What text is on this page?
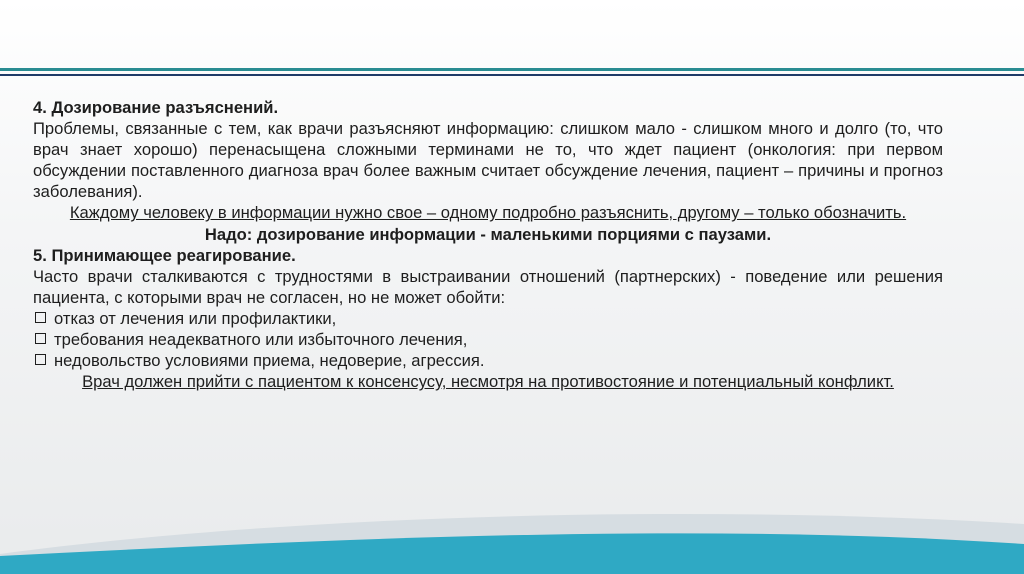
4. Дозирование разъяснений.

Проблемы, связанные с тем, как врачи разъясняют информацию: слишком мало - слишком много и долго (то, что врач знает хорошо) перенасыщена сложными терминами не то, что ждет пациент (онкология: при первом обсуждении поставленного диагноза врач более важным считает обсуждение лечения, пациент – причины и прогноз заболевания).

Каждому человеку в информации нужно свое – одному подробно разъяснить, другому – только обозначить.

Надо: дозирование информации - маленькими порциями с паузами.

5. Принимающее реагирование.

Часто врачи сталкиваются с трудностями в выстраивании отношений (партнерских) - поведение или решения пациента, с которыми врач не согласен, но не может обойти:

отказ от лечения или профилактики,
требования неадекватного или избыточного лечения,
недовольство условиями приема, недоверие, агрессия.

Врач должен прийти с пациентом к консенсусу, несмотря на противостояние и потенциальный конфликт.
